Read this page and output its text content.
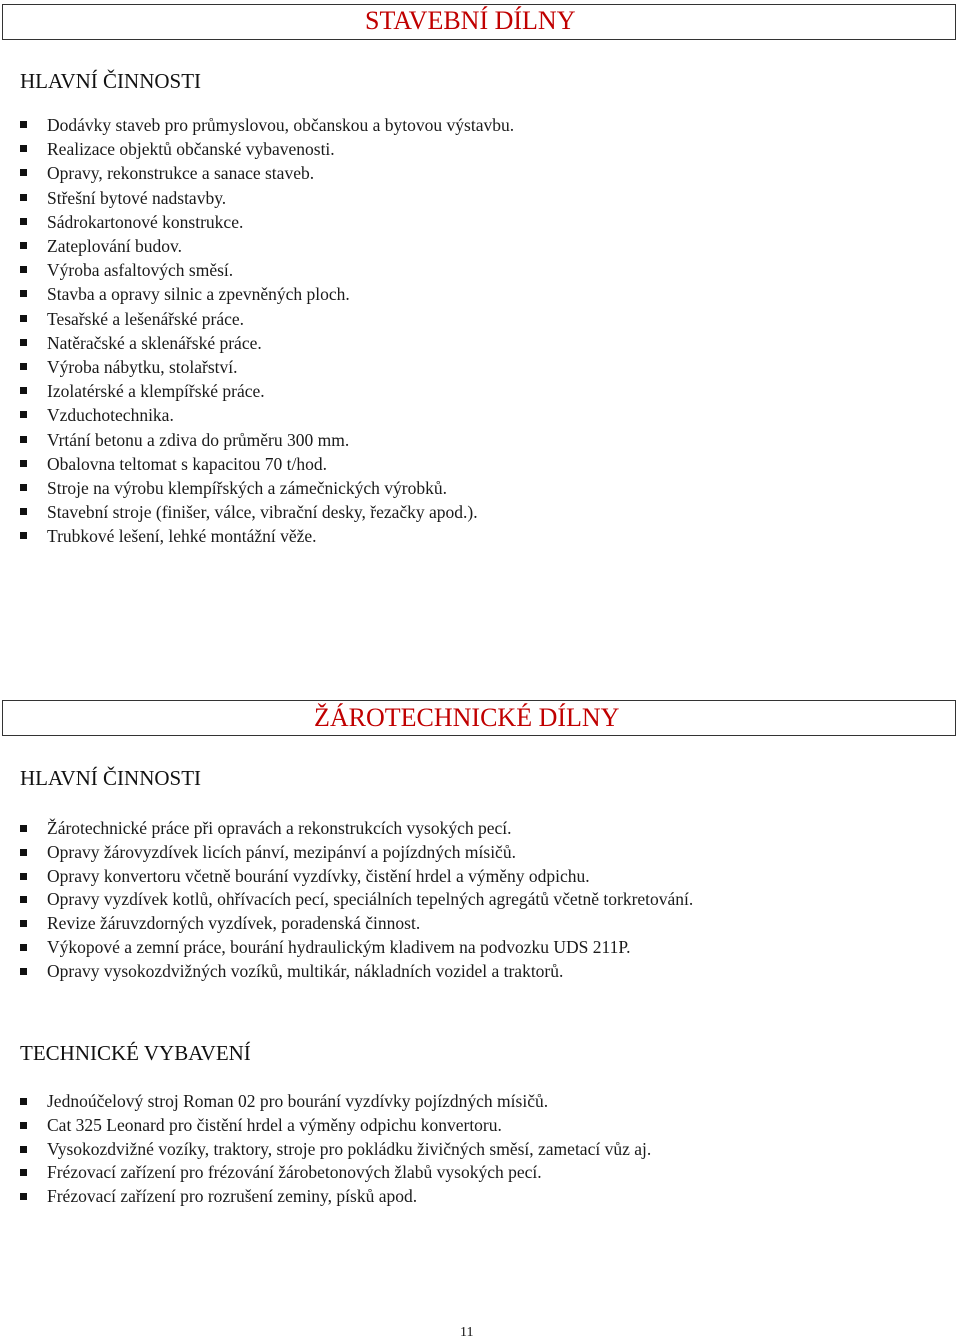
STAVEBNÍ DÍLNY
HLAVNÍ ČINNOSTI
Dodávky staveb pro průmyslovou, občanskou a bytovou výstavbu.
Realizace objektů občanské vybavenosti.
Opravy, rekonstrukce a sanace staveb.
Střešní bytové nadstavby.
Sádrokartonové konstrukce.
Zateplování budov.
Výroba asfaltových směsí.
Stavba a opravy silnic a zpevněných ploch.
Tesařské a lešenářské práce.
Natěračské a sklenářské práce.
Výroba nábytku, stolařství.
Izolatérské a klempířské práce.
Vzduchotechnika.
Vrtání betonu a zdiva do průměru 300 mm.
Obalovna teltomat s kapacitou 70 t/hod.
Stroje na výrobu klempířských a zámečnických výrobků.
Stavební stroje (finišer, válce, vibrační desky, řezačky apod.).
Trubkové lešení, lehké montážní věže.
ŽÁROTECHNICKÉ DÍLNY
HLAVNÍ ČINNOSTI
Žárotechnické práce při opravách a rekonstrukcích vysokých pecí.
Opravy žárovyzdívek licích pánví, mezipánví a pojízdných mísičů.
Opravy konvertoru včetně bourání vyzdívky, čistění hrdel a výměny odpichu.
Opravy vyzdívek kotlů, ohřívacích pecí, speciálních tepelných agregátů včetně torkretování.
Revize žáruvzdorných vyzdívek, poradenská činnost.
Výkopové a zemní práce, bourání hydraulickým kladivem na podvozku UDS 211P.
Opravy vysokozdvižných vozíků, multikár, nákladních vozidel a traktorů.
TECHNICKÉ VYBAVENÍ
Jednoúčelový stroj Roman 02 pro bourání vyzdívky pojízdných mísičů.
Cat 325 Leonard pro čistění hrdel a výměny odpichu konvertoru.
Vysokozdvižné vozíky, traktory, stroje pro pokládku živičných směsí, zametací vůz aj.
Frézovací zařízení pro frézování žárobetonových žlabů vysokých pecí.
Frézovací zařízení pro rozrušení zeminy, písků apod.
11
